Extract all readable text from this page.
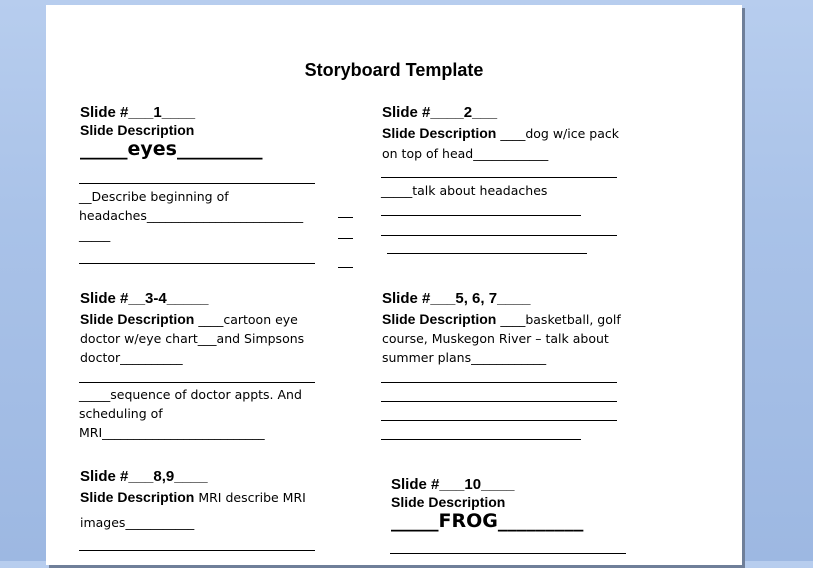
Storyboard Template
Slide #___1____
Slide Description
_____eyes_________
__Describe beginning of
headaches_________________________
_____
Slide #____2___
Slide Description ____dog w/ice pack
on top of head____________
_____talk about headaches
Slide #__3-4_____
Slide Description ____cartoon eye
doctor w/eye chart___and Simpsons
doctor__________
_____sequence of doctor appts. And
scheduling of
MRI__________________________
Slide #___5, 6, 7____
Slide Description ____basketball, golf
course, Muskegon River – talk about
summer plans____________
Slide #___8,9____
Slide Description MRI describe MRI
images___________
Slide #___10____
Slide Description
_____FROG_________
